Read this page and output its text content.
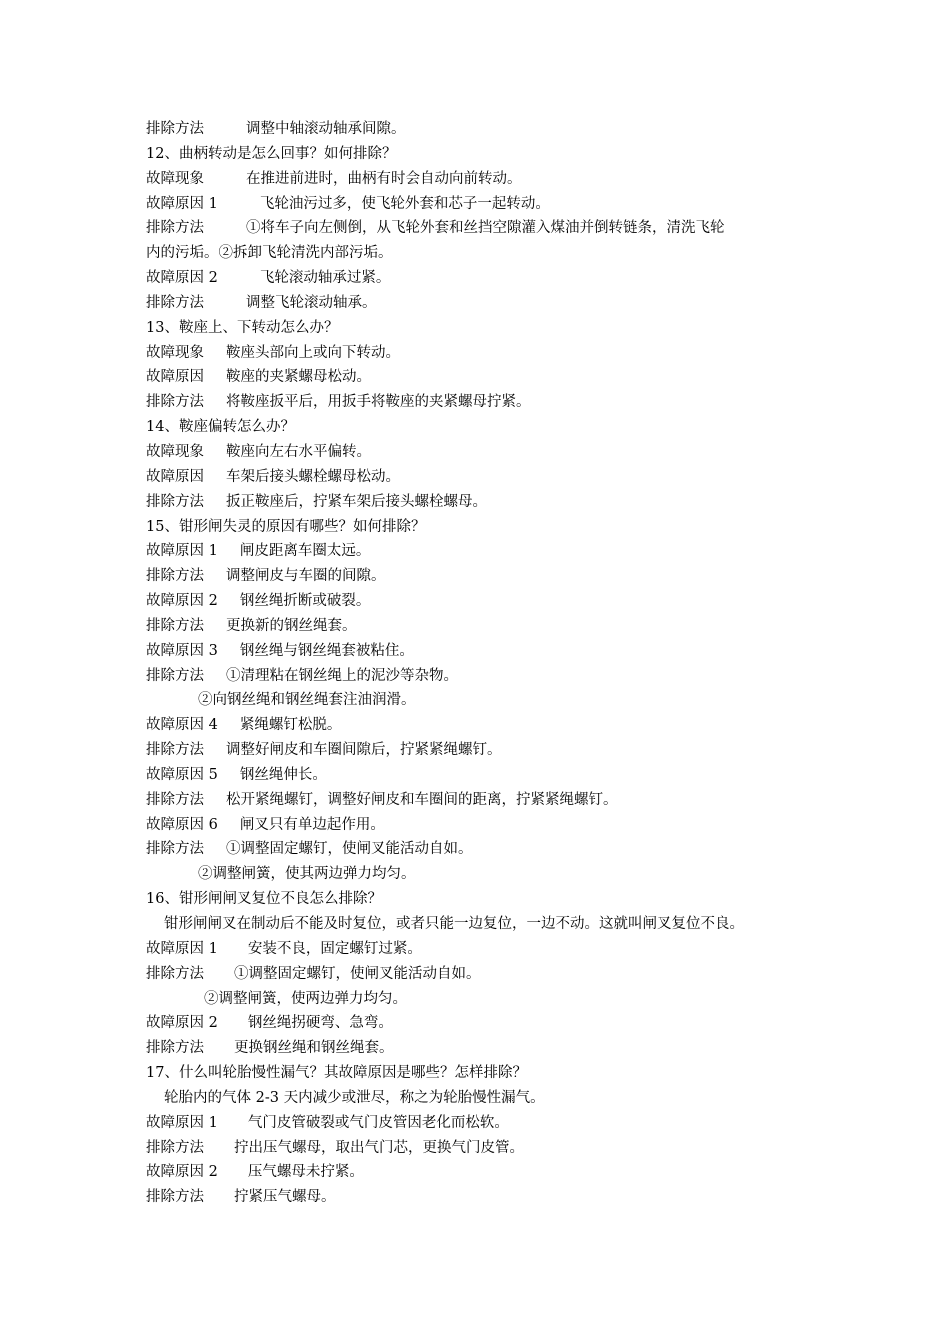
排除方法	调整中轴滚动轴承间隙。
12、曲柄转动是怎么回事？如何排除？
故障现象	在推进前进时，曲柄有时会自动向前转动。
故障原因 1	飞轮油污过多，使飞轮外套和芯子一起转动。
排除方法	①将车子向左侧倒，从飞轮外套和丝挡空隙灌入煤油并倒转链条，清洗飞轮
内的污垢。②拆卸飞轮清洗内部污垢。
故障原因 2	飞轮滚动轴承过紧。
排除方法	调整飞轮滚动轴承。
13、鞍座上、下转动怎么办？
故障现象 鞍座头部向上或向下转动。
故障原因 鞍座的夹紧螺母松动。
排除方法 将鞍座扳平后，用扳手将鞍座的夹紧螺母拧紧。
14、鞍座偏转怎么办？
故障现象 鞍座向左右水平偏转。
故障原因 车架后接头螺栓螺母松动。
排除方法 扳正鞍座后，拧紧车架后接头螺栓螺母。
15、钳形闸失灵的原因有哪些？如何排除？
故障原因 1 闸皮距离车圈太远。
排除方法 调整闸皮与车圈的间隙。
故障原因 2 钢丝绳折断或破裂。
排除方法 更换新的钢丝绳套。
故障原因 3 钢丝绳与钢丝绳套被粘住。
排除方法 ①清理粘在钢丝绳上的泥沙等杂物。
②向钢丝绳和钢丝绳套注油润滑。
故障原因 4 紧绳螺钉松脱。
排除方法 调整好闸皮和车圈间隙后，拧紧紧绳螺钉。
故障原因 5 钢丝绳伸长。
排除方法 松开紧绳螺钉，调整好闸皮和车圈间的距离，拧紧紧绳螺钉。
故障原因 6 闸叉只有单边起作用。
排除方法 ①调整固定螺钉，使闸叉能活动自如。
②调整闸簧，使其两边弹力均匀。
16、钳形闸闸叉复位不良怎么排除？
钳形闸闸叉在制动后不能及时复位，或者只能一边复位，一边不动。这就叫闸叉复位不良。
故障原因 1 安装不良，固定螺钉过紧。
排除方法 ①调整固定螺钉，使闸叉能活动自如。
②调整闸簧，使两边弹力均匀。
故障原因 2 钢丝绳拐硬弯、急弯。
排除方法 更换钢丝绳和钢丝绳套。
17、什么叫轮胎慢性漏气？其故障原因是哪些？怎样排除？
轮胎内的气体 2-3 天内减少或泄尽，称之为轮胎慢性漏气。
故障原因 1 气门皮管破裂或气门皮管因老化而松软。
排除方法 拧出压气螺母，取出气门芯，更换气门皮管。
故障原因 2 压气螺母未拧紧。
排除方法 拧紧压气螺母。
